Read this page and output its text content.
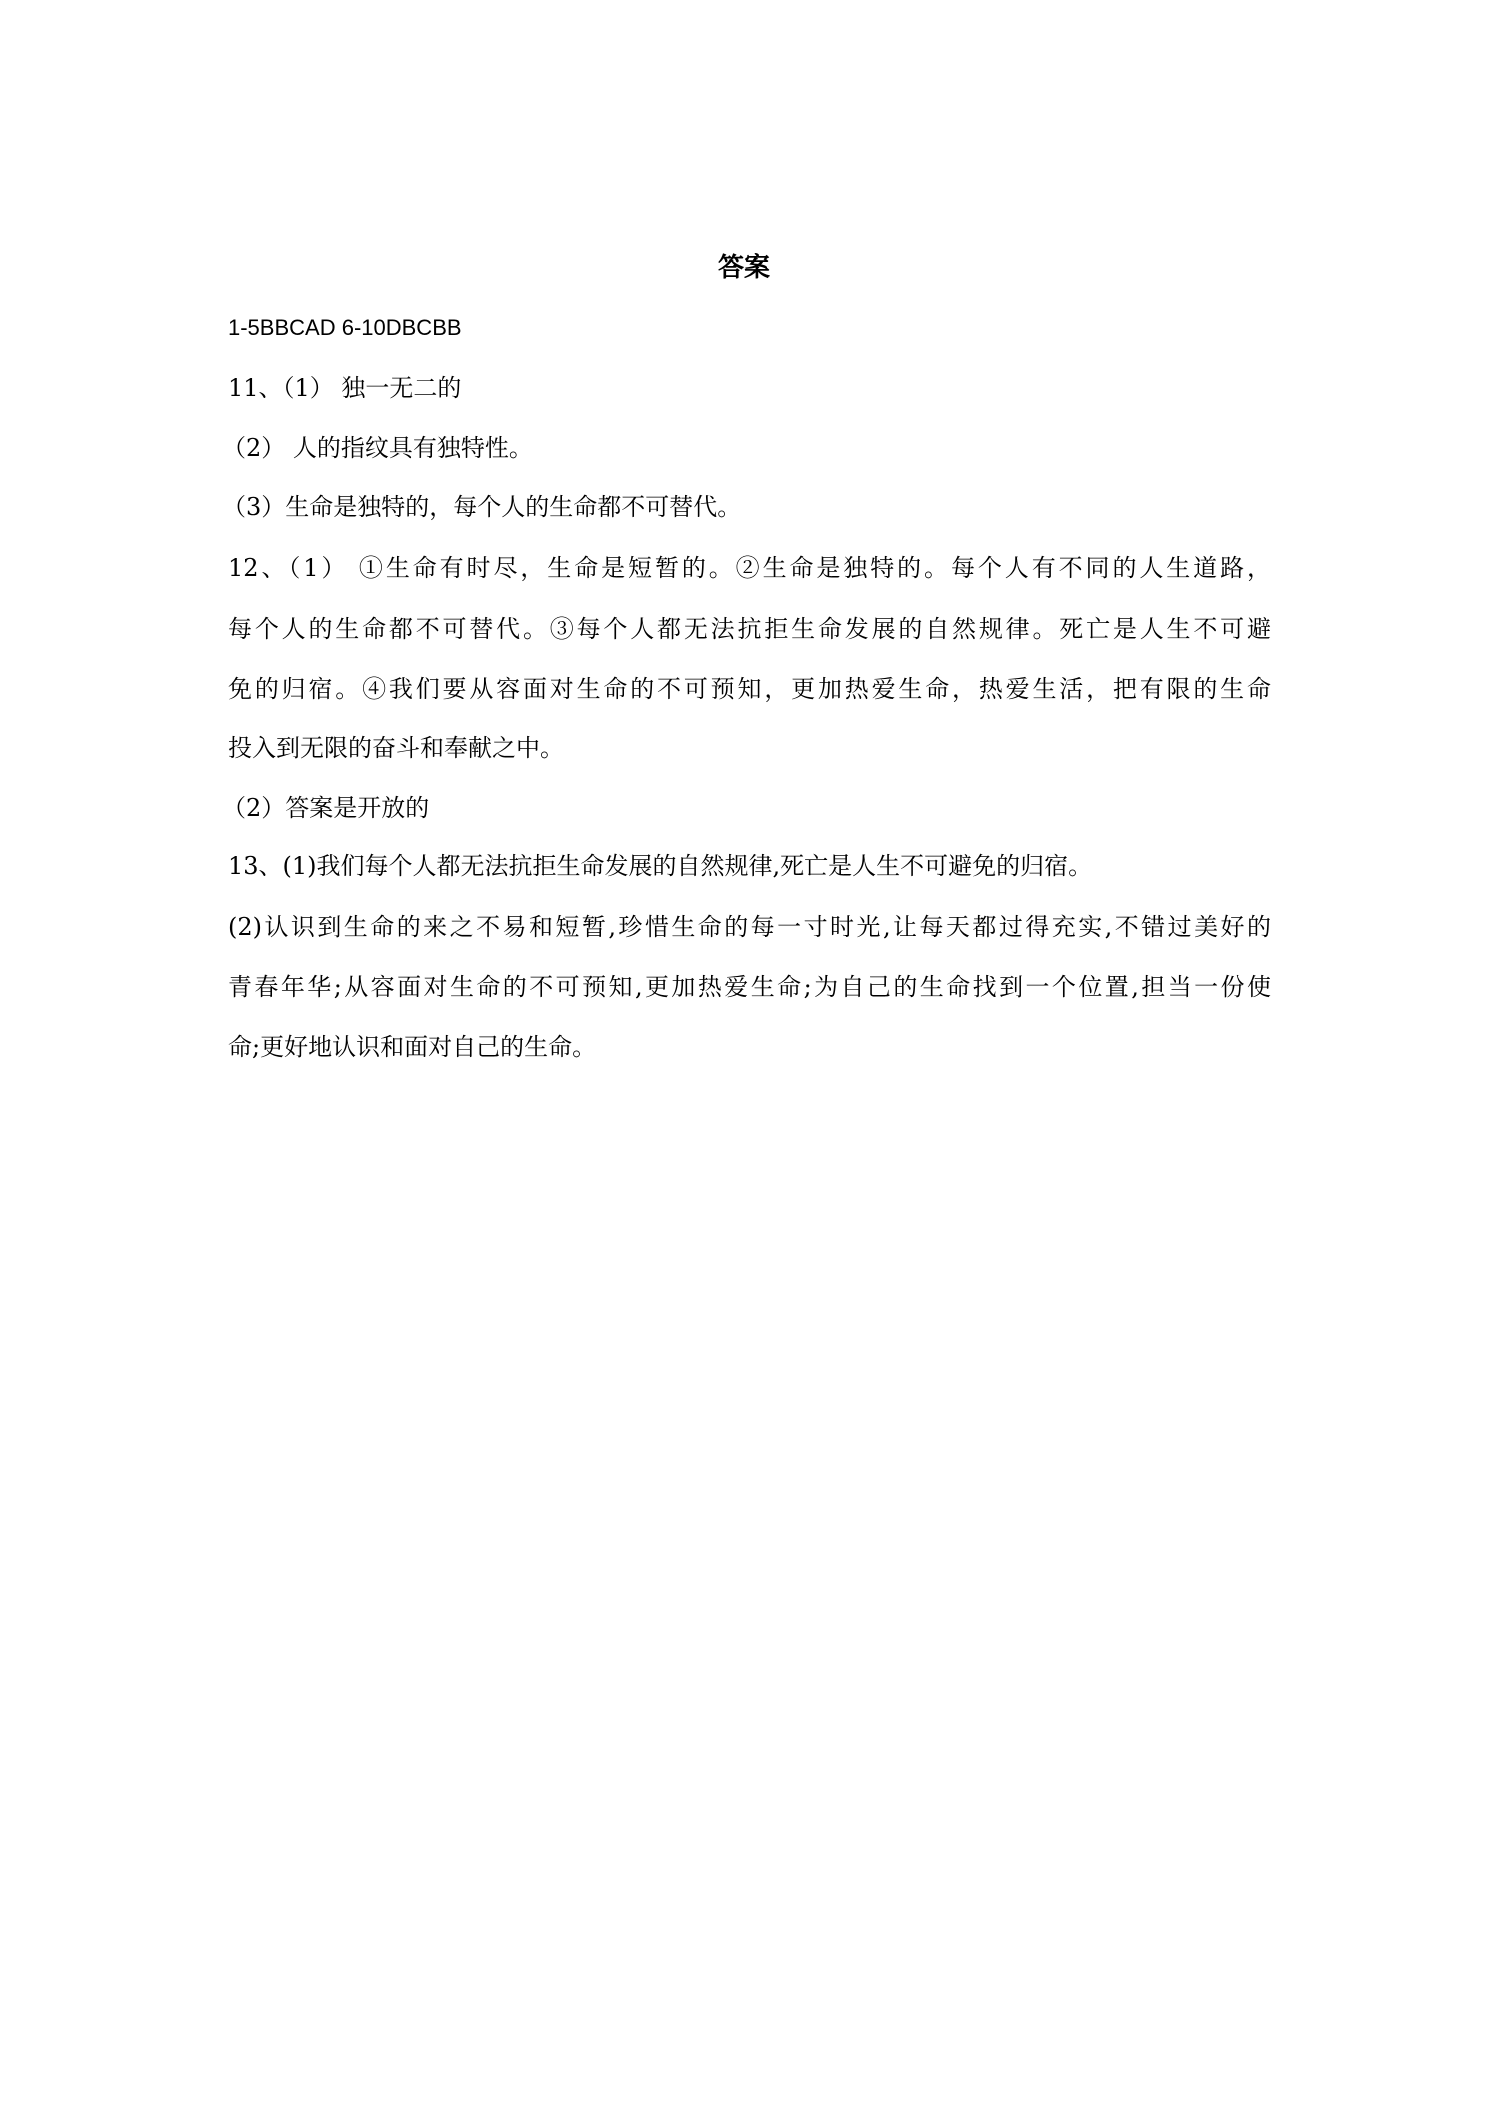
答案
1-5BBCAD 6-10DBCBB
11、（1） 独一无二的
（2） 人的指纹具有独特性。
（3）生命是独特的，每个人的生命都不可替代。
12、（1） ①生命有时尽，生命是短暂的。②生命是独特的。每个人有不同的人生道路，
每个人的生命都不可替代。③每个人都无法抗拒生命发展的自然规律。死亡是人生不可避
免的归宿。④我们要从容面对生命的不可预知，更加热爱生命，热爱生活，把有限的生命
投入到无限的奋斗和奉献之中。
（2）答案是开放的
13、(1)我们每个人都无法抗拒生命发展的自然规律,死亡是人生不可避免的归宿。
(2)认识到生命的来之不易和短暂,珍惜生命的每一寸时光,让每天都过得充实,不错过美好的
青春年华;从容面对生命的不可预知,更加热爱生命;为自己的生命找到一个位置,担当一份使
命;更好地认识和面对自己的生命。
